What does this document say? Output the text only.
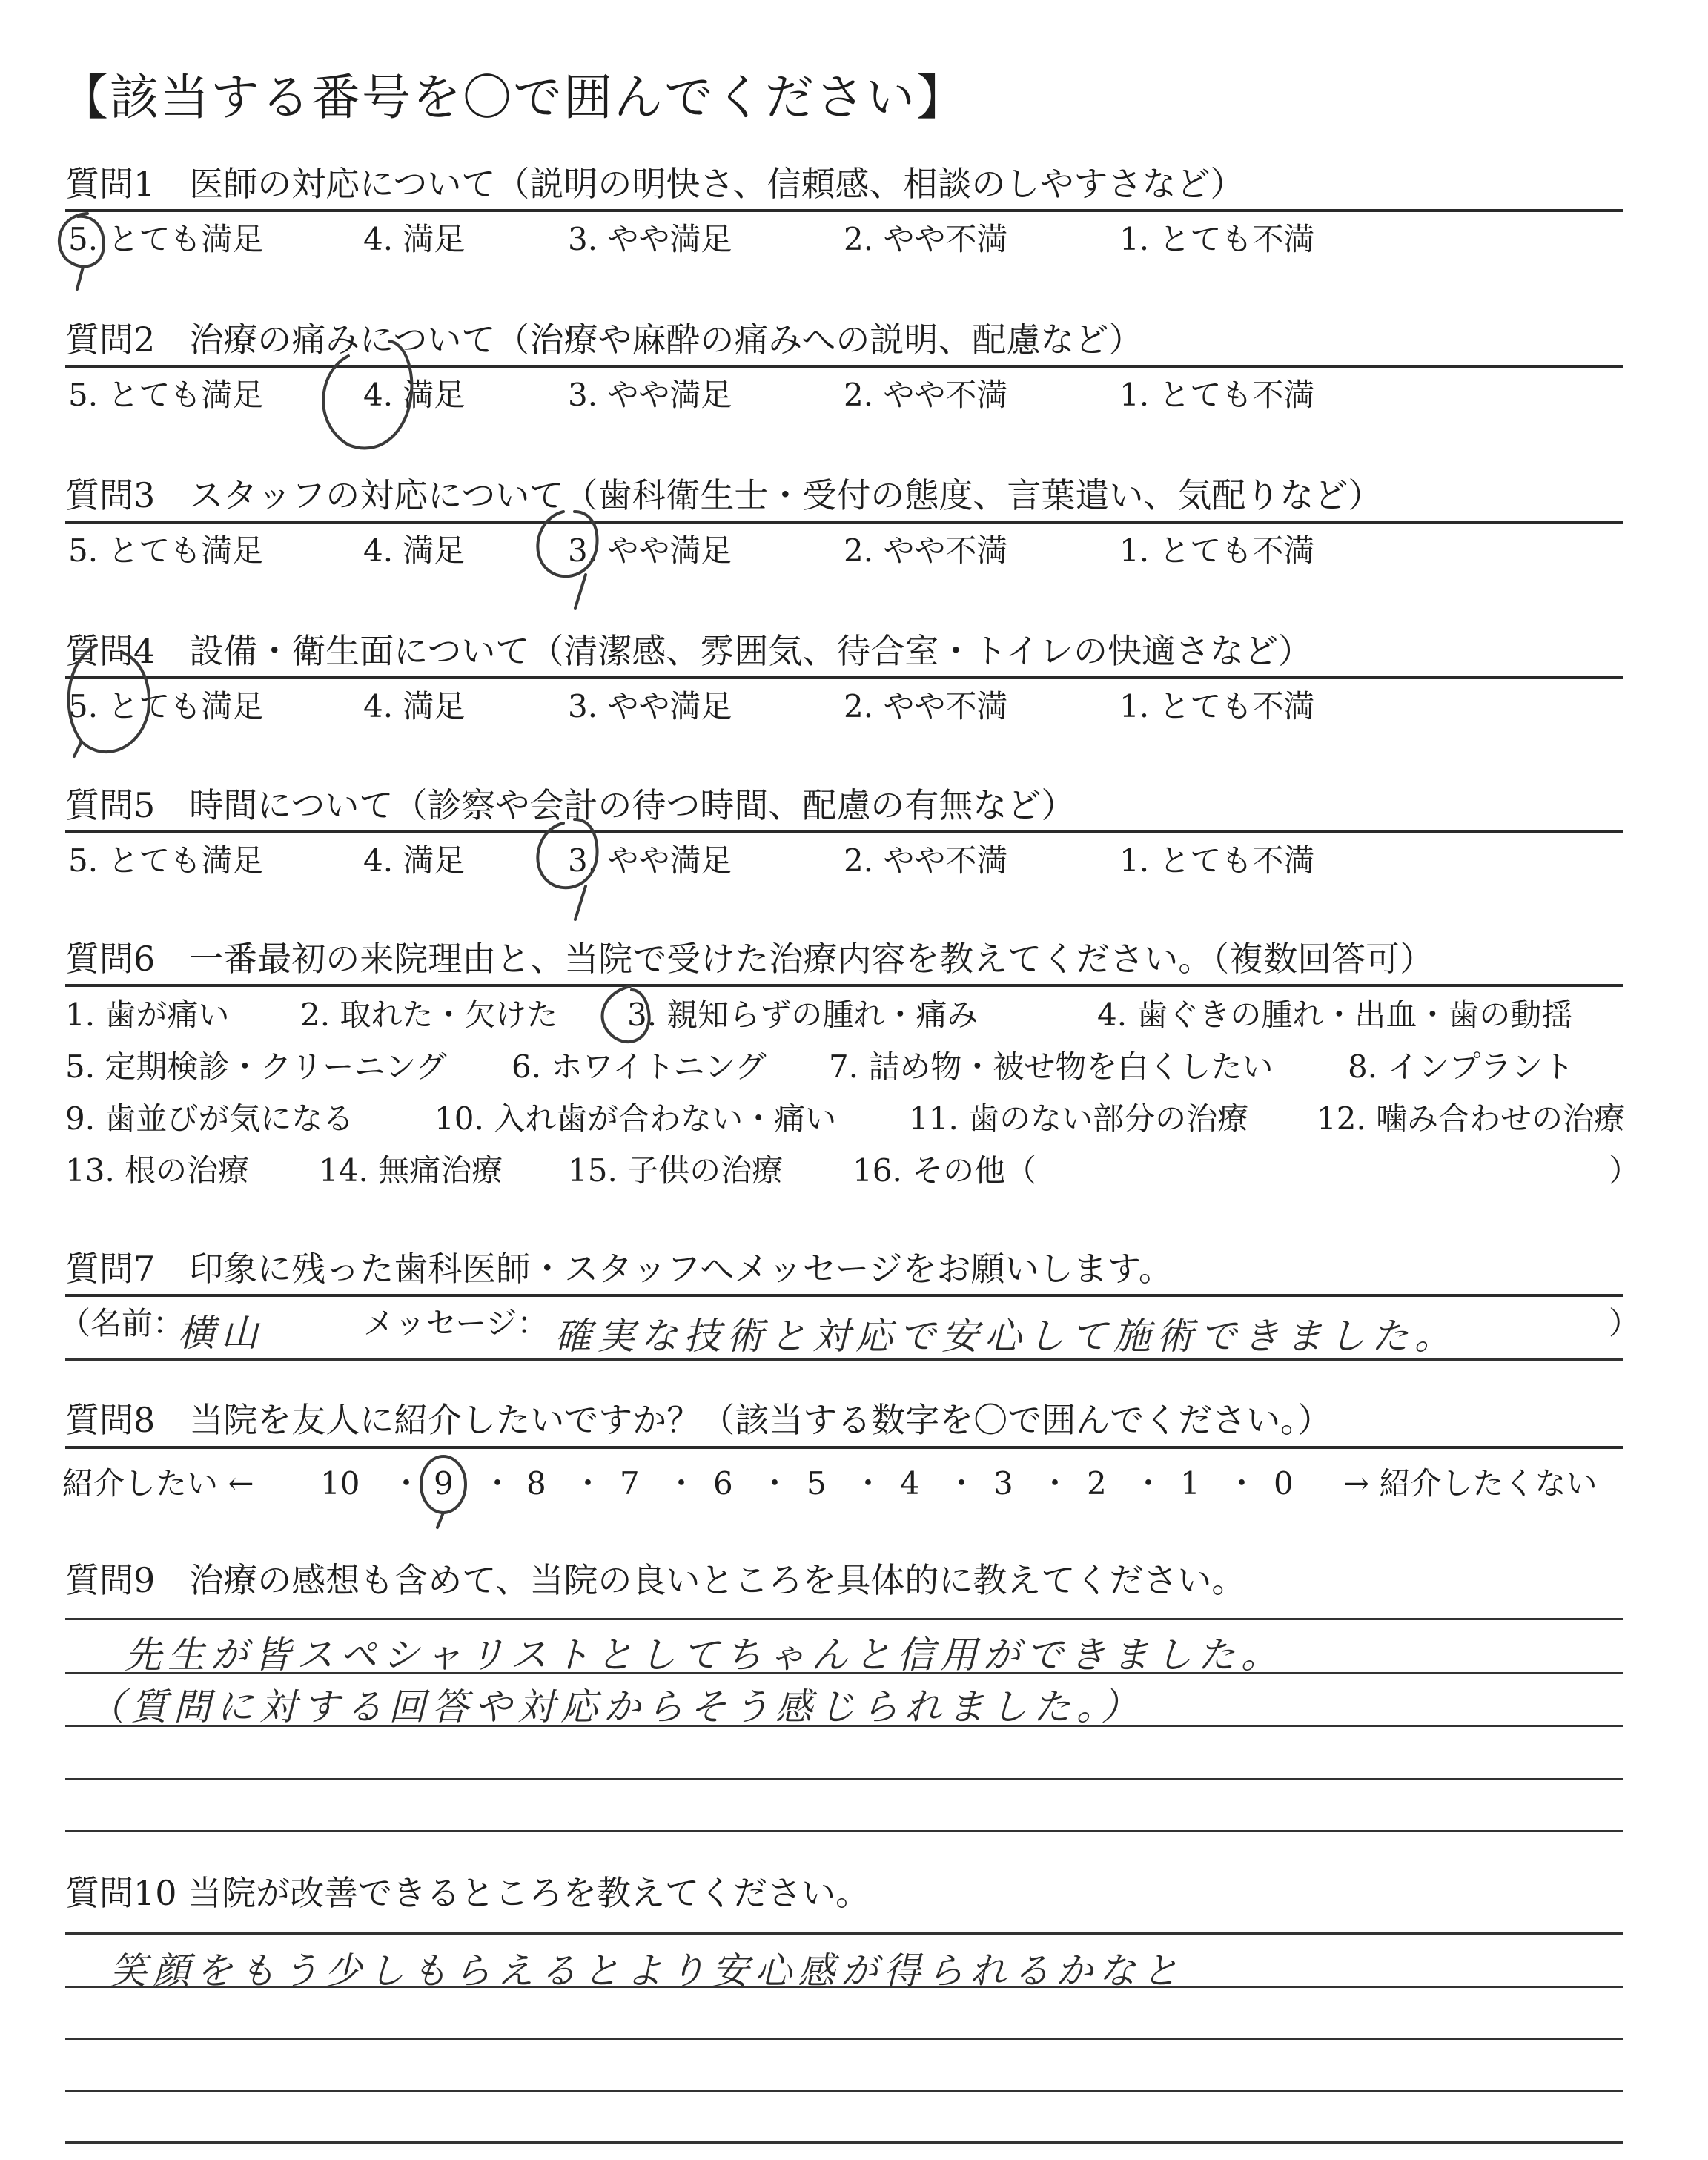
【該当する番号を〇で囲んでください】
質問1　医師の対応について（説明の明快さ、信頼感、相談のしやすさなど）
5. とても満足	4. 満足	3. やや満足	2. やや不満	1. とても不満
質問2　治療の痛みについて（治療や麻酔の痛みへの説明、配慮など）
5. とても満足	4. 満足	3. やや満足	2. やや不満	1. とても不満
質問3　スタッフの対応について（歯科衛生士・受付の態度、言葉遣い、気配りなど）
5. とても満足	4. 満足	3. やや満足	2. やや不満	1. とても不満
質問4　設備・衛生面について（清潔感、雰囲気、待合室・トイレの快適さなど）
5. とても満足	4. 満足	3. やや満足	2. やや不満	1. とても不満
質問5　時間について（診察や会計の待つ時間、配慮の有無など）
5. とても満足	4. 満足	3. やや満足	2. やや不満	1. とても不満
質問6　一番最初の来院理由と、当院で受けた治療内容を教えてください。（複数回答可）
1. 歯が痛い 2. 取れた・欠けた 3. 親知らずの腫れ・痛み	4. 歯ぐきの腫れ・出血・歯の動揺
5. 定期検診・クリーニング 6. ホワイトニング 7. 詰め物・被せ物を白くしたい 8. インプラント
9. 歯並びが気になる	10. 入れ歯が合わない・痛い 11. 歯のない部分の治療 12. 噛み合わせの治療
13. 根の治療 14. 無痛治療 15. 子供の治療 16. その他（	）
質問7　印象に残った歯科医師・スタッフへメッセージをお願いします。
（名前：
横山	メッセージ： 確実な技術と対応で安心して施術できました。	）
質問8　当院を友人に紹介したいですか？（該当する数字を〇で囲んでください。）
紹介したい ← 10 ・ 9 ・ 8 ・ 7 ・ 6 ・ 5 ・ 4 ・ 3 ・ 2 ・ 1 ・ 0 → 紹介したくない
質問9　治療の感想も含めて、当院の良いところを具体的に教えてください。
先生が皆スペシャリストとしてちゃんと信用ができました。
（質問に対する回答や対応からそう感じられました。）
質問10 当院が改善できるところを教えてください。
笑顔をもう少しもらえるとより安心感が得られるかなと
